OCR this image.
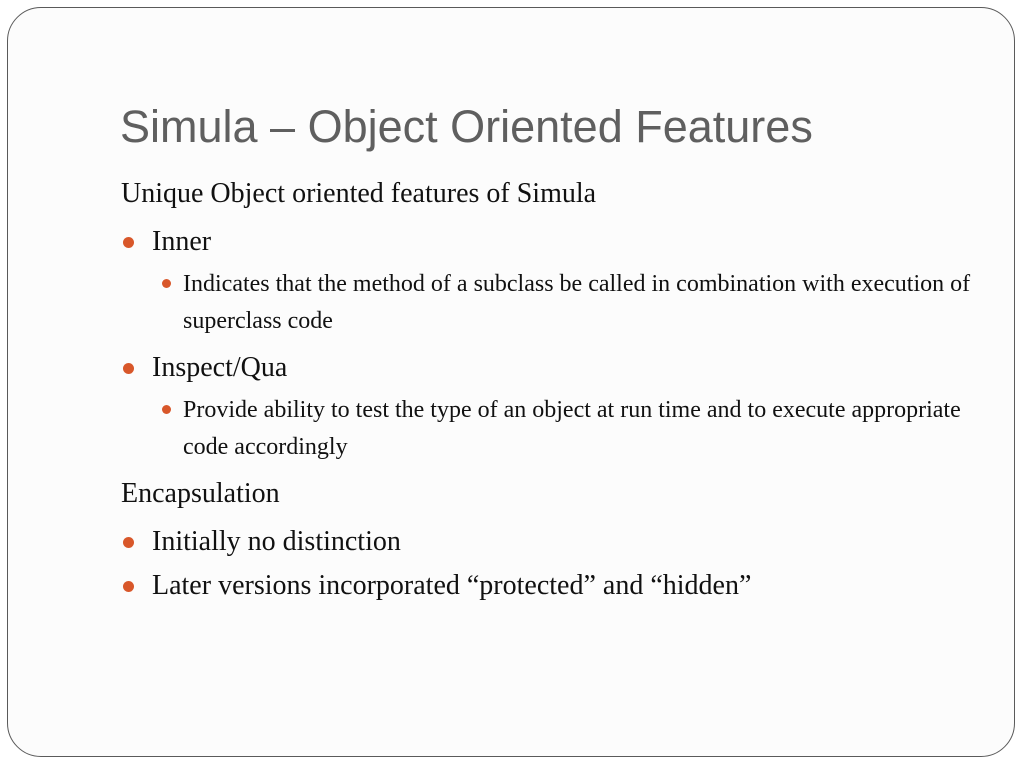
Simula – Object Oriented Features
Unique Object oriented features of Simula
Inner
Indicates that the method of a subclass be called in combination with execution of superclass code
Inspect/Qua
Provide ability to test the type of an object at run time and to execute appropriate code accordingly
Encapsulation
Initially no distinction
Later versions incorporated “protected” and “hidden”
